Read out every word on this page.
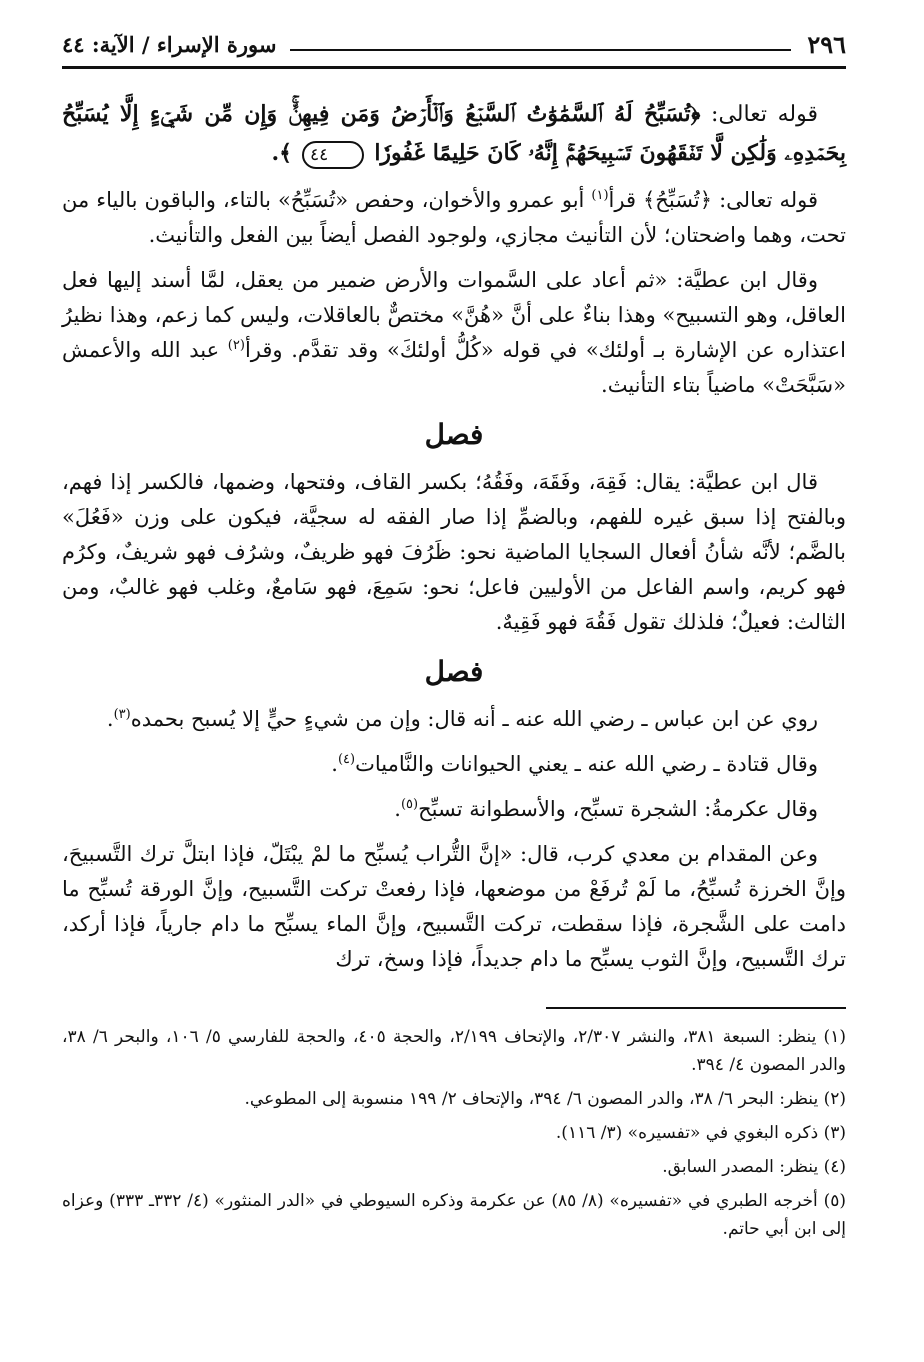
٢٩٦
سورة الإسراء / الآية: ٤٤

قوله تعالى: ﴿تُسَبِّحُ لَهُ ٱلسَّمَٰوَٰتُ ٱلسَّبۡعُ وَٱلۡأَرۡضُ وَمَن فِيهِنَّۚ وَإِن مِّن شَيۡءٍ إِلَّا يُسَبِّحُ بِحَمۡدِهِۦ وَلَٰكِن لَّا تَفۡقَهُونَ تَسۡبِيحَهُمۡۚ إِنَّهُۥ كَانَ حَلِيمًا غَفُورٗا ٤٤ ﴾.

قوله تعالى: ﴿تُسَبِّحُ﴾ قرأ$^{(١)}$ أبو عمرو والأخوان، وحفص «تُسَبِّحُ» بالتاء، والباقون بالياء من تحت، وهما واضحتان؛ لأن التأنيث مجازي، ولوجود الفصل أيضاً بين الفعل والتأنيث.

وقال ابن عطيَّة: «ثم أعاد على السَّموات والأرض ضمير من يعقل، لمَّا أسند إليها فعل العاقل، وهو التسبيح» وهذا بناءٌ على أنَّ «هُنَّ» مختصٌّ بالعاقلات، وليس كما زعم، وهذا نظيرُ اعتذاره عن الإشارة بـ أولئك» في قوله «كُلُّ أولئكَ» وقد تقدَّم. وقرأ$^{(٢)}$ عبد الله والأعمش «سَبَّحَتْ» ماضياً بتاء التأنيث.

فصل

قال ابن عطيَّة: يقال: فَقِهَ، وفَقَهَ، وفَقُهُ؛ بكسر القاف، وفتحها، وضمها، فالكسر إذا فهم، وبالفتح إذا سبق غيره للفهم، وبالضمِّ إذا صار الفقه له سجيَّة، فيكون على وزن «فَعُلَ» بالضَّم؛ لأنَّه شأنُ أفعال السجايا الماضية نحو: ظَرُفَ فهو ظريفٌ، وشرُف فهو شريفٌ، وكرُم فهو كريم، واسم الفاعل من الأوليين فاعل؛ نحو: سَمِعَ، فهو سَامعٌ، وغلب فهو غالبٌ، ومن الثالث: فعيلٌ؛ فلذلك تقول فَقُهَ فهو فَقِيهٌ.

فصل

روي عن ابن عباس ـ رضي الله عنه ـ أنه قال: وإن من شيءٍ حيٍّ إلا يُسبح بحمده$^{(٣)}$.

وقال قتادة ـ رضي الله عنه ـ يعني الحيوانات والنَّاميات$^{(٤)}$.

وقال عكرمةُ: الشجرة تسبِّح، والأسطوانة تسبِّح$^{(٥)}$.

وعن المقدام بن معدي كرب، قال: «إنَّ التُّراب يُسبِّح ما لمْ يبْتَلّ، فإذا ابتلَّ ترك التَّسبيحَ، وإنَّ الخرزة تُسبِّحُ، ما لَمْ تُرفَعْ من موضعها، فإذا رفعتْ تركت التَّسبيح، وإنَّ الورقة تُسبِّح ما دامت على الشَّجرة، فإذا سقطت، تركت التَّسبيح، وإنَّ الماء يسبِّح ما دام جارياً، فإذا أركد، ترك التَّسبيح، وإنَّ الثوب يسبِّح ما دام جديداً، فإذا وسخ، ترك

(١) ينظر: السبعة ٣٨١، والنشر ٢/٣٠٧، والإتحاف ٢/١٩٩، والحجة ٤٠٥، والحجة للفارسي ٥/ ١٠٦، والبحر ٦/ ٣٨، والدر المصون ٤/ ٣٩٤.

(٢) ينظر: البحر ٦/ ٣٨، والدر المصون ٦/ ٣٩٤، والإتحاف ٢/ ١٩٩ منسوبة إلى المطوعي.

(٣) ذكره البغوي في «تفسيره» (٣/ ١١٦).

(٤) ينظر: المصدر السابق.

(٥) أخرجه الطبري في «تفسيره» (٨/ ٨٥) عن عكرمة وذكره السيوطي في «الدر المنثور» (٤/ ٣٣٢ـ ٣٣٣) وعزاه إلى ابن أبي حاتم.
